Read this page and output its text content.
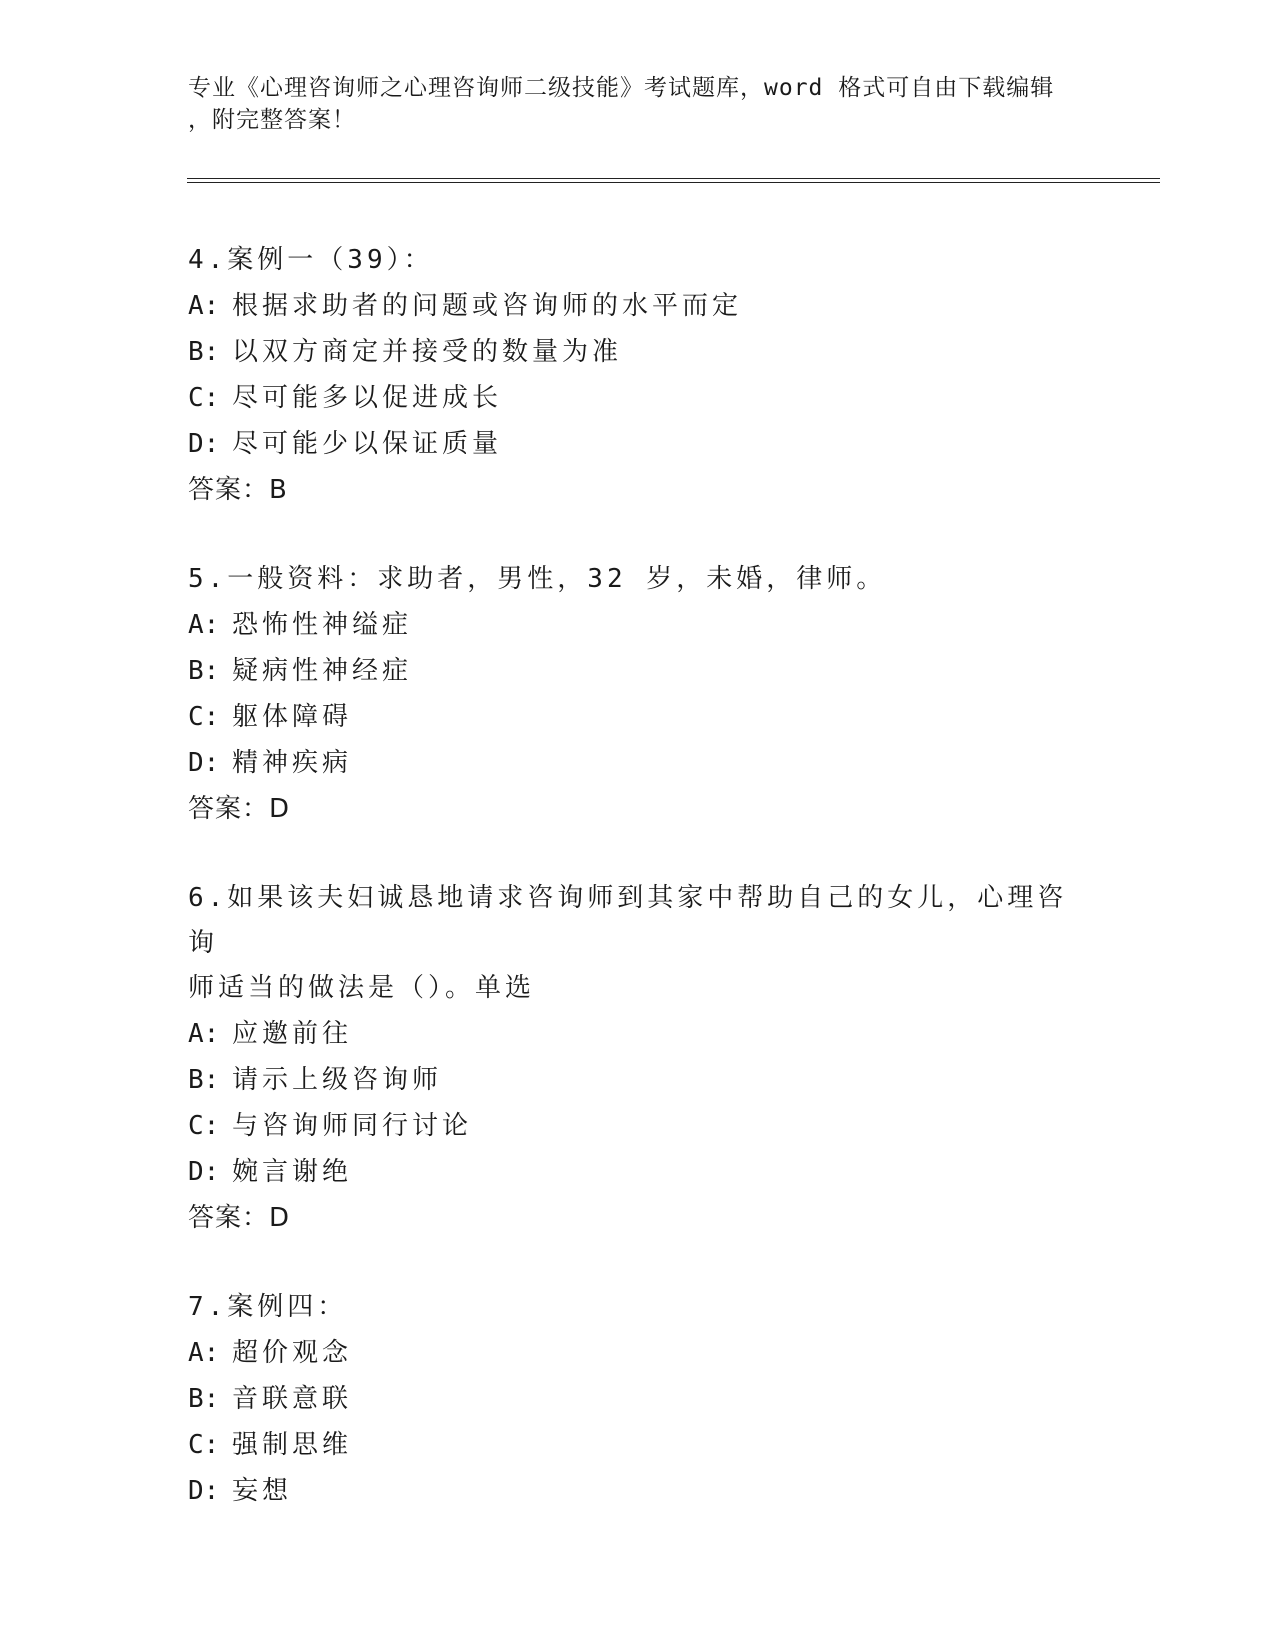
专业《心理咨询师之心理咨询师二级技能》考试题库，word 格式可自由下载编辑
，附完整答案！
4.案例一（39）：
A: 根据求助者的问题或咨询师的水平而定
B: 以双方商定并接受的数量为准
C: 尽可能多以促进成长
D: 尽可能少以保证质量
答案：B
5.一般资料：求助者，男性，32 岁，未婚，律师。
A: 恐怖性神缢症
B: 疑病性神经症
C: 躯体障碍
D: 精神疾病
答案：D
6.如果该夫妇诚恳地请求咨询师到其家中帮助自己的女儿，心理咨询
师适当的做法是（）。单选
A: 应邀前往
B: 请示上级咨询师
C: 与咨询师同行讨论
D: 婉言谢绝
答案：D
7.案例四：
A: 超价观念
B: 音联意联
C: 强制思维
D: 妄想
